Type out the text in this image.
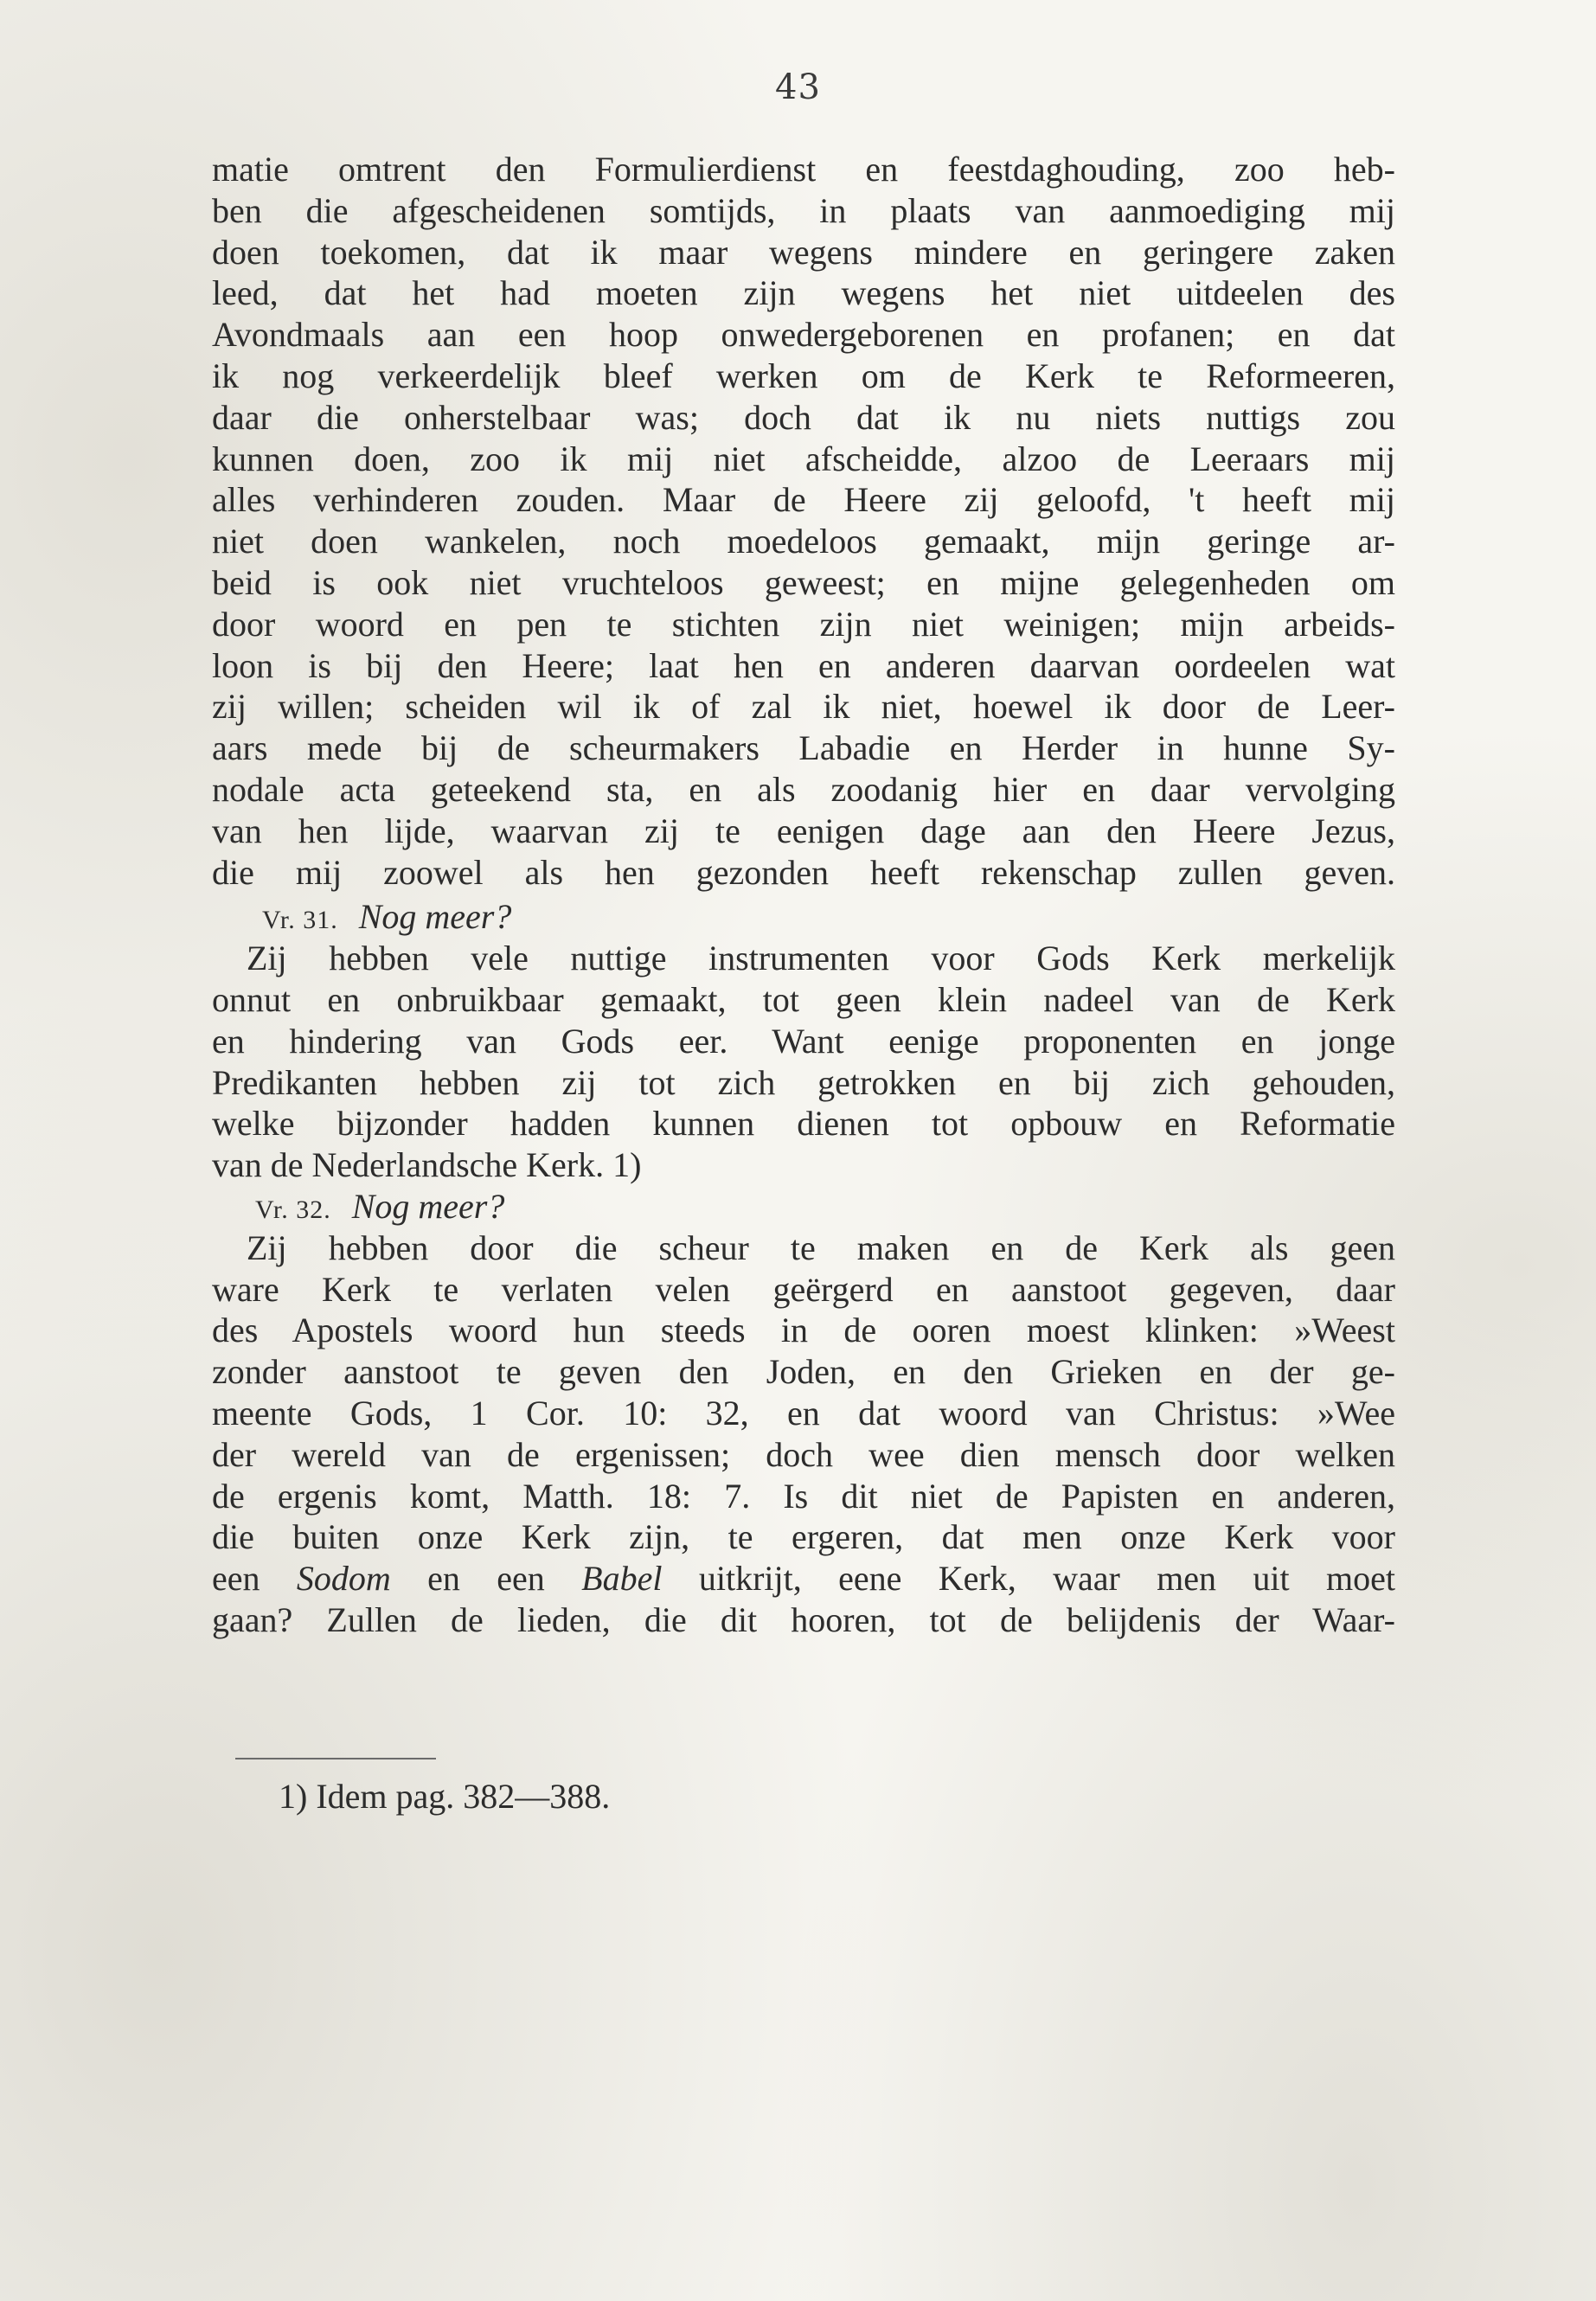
43
matie omtrent den Formulierdienst en feestdaghouding, zoo heb-
ben die afgescheidenen somtijds, in plaats van aanmoediging mij
doen toekomen, dat ik maar wegens mindere en geringere zaken
leed, dat het had moeten zijn wegens het niet uitdeelen des
Avondmaals aan een hoop onwedergeborenen en profanen; en dat
ik nog verkeerdelijk bleef werken om de Kerk te Reformeeren,
daar die onherstelbaar was; doch dat ik nu niets nuttigs zou
kunnen doen, zoo ik mij niet afscheidde, alzoo de Leeraars mij
alles verhinderen zouden. Maar de Heere zij geloofd, 't heeft mij
niet doen wankelen, noch moedeloos gemaakt, mijn geringe ar-
beid is ook niet vruchteloos geweest; en mijne gelegenheden om
door woord en pen te stichten zijn niet weinigen; mijn arbeids-
loon is bij den Heere; laat hen en anderen daarvan oordeelen wat
zij willen; scheiden wil ik of zal ik niet, hoewel ik door de Leer-
aars mede bij de scheurmakers Labadie en Herder in hunne Sy-
nodale acta geteekend sta, en als zoodanig hier en daar vervolging
van hen lijde, waarvan zij te eenigen dage aan den Heere Jezus,
die mij zoowel als hen gezonden heeft rekenschap zullen geven.
Vr. 31. Nog meer?
Zij hebben vele nuttige instrumenten voor Gods Kerk merkelijk
onnut en onbruikbaar gemaakt, tot geen klein nadeel van de Kerk
en hindering van Gods eer. Want eenige proponenten en jonge
Predikanten hebben zij tot zich getrokken en bij zich gehouden,
welke bijzonder hadden kunnen dienen tot opbouw en Reformatie
van de Nederlandsche Kerk. 1)
Vr. 32. Nog meer?
Zij hebben door die scheur te maken en de Kerk als geen
ware Kerk te verlaten velen geërgerd en aanstoot gegeven, daar
des Apostels woord hun steeds in de ooren moest klinken: »Weest
zonder aanstoot te geven den Joden, en den Grieken en der ge-
meente Gods, 1 Cor. 10: 32, en dat woord van Christus: »Wee
der wereld van de ergenissen; doch wee dien mensch door welken
de ergenis komt, Matth. 18: 7. Is dit niet de Papisten en anderen,
die buiten onze Kerk zijn, te ergeren, dat men onze Kerk voor
een Sodom en een Babel uitkrijt, eene Kerk, waar men uit moet
gaan? Zullen de lieden, die dit hooren, tot de belijdenis der Waar-
1) Idem pag. 382—388.
